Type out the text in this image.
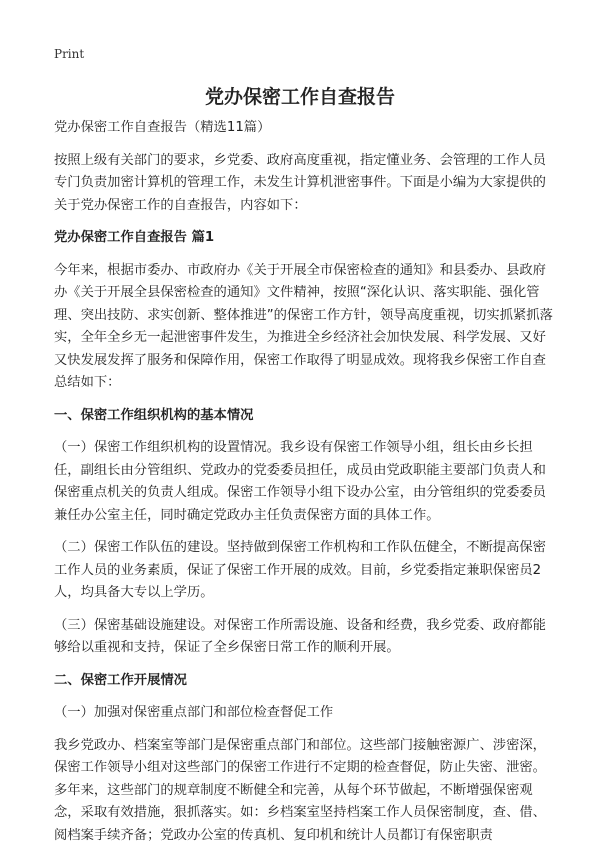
Print
党办保密工作自查报告

党办保密工作自查报告（精选11篇）

按照上级有关部门的要求，乡党委、政府高度重视，指定懂业务、会管理的工作人员专门负责加密计算机的管理工作，未发生计算机泄密事件。下面是小编为大家提供的关于党办保密工作的自查报告，内容如下：

党办保密工作自查报告 篇1

今年来，根据市委办、市政府办《关于开展全市保密检查的通知》和县委办、县政府办《关于开展全县保密检查的通知》文件精神，按照“深化认识、落实职能、强化管理、突出技防、求实创新、整体推进”的保密工作方针，领导高度重视，切实抓紧抓落实，全年全乡无一起泄密事件发生，为推进全乡经济社会加快发展、科学发展、又好又快发展发挥了服务和保障作用，保密工作取得了明显成效。现将我乡保密工作自查总结如下：

一、保密工作组织机构的基本情况

（一）保密工作组织机构的设置情况。我乡设有保密工作领导小组，组长由乡长担任，副组长由分管组织、党政办的党委委员担任，成员由党政职能主要部门负责人和保密重点机关的负责人组成。保密工作领导小组下设办公室，由分管组织的党委委员兼任办公室主任，同时确定党政办主任负责保密方面的具体工作。

（二）保密工作队伍的建设。坚持做到保密工作机构和工作队伍健全，不断提高保密工作人员的业务素质，保证了保密工作开展的成效。目前，乡党委指定兼职保密员2人，均具备大专以上学历。

（三）保密基础设施建设。对保密工作所需设施、设备和经费，我乡党委、政府都能够给以重视和支持，保证了全乡保密日常工作的顺利开展。

二、保密工作开展情况

（一）加强对保密重点部门和部位检查督促工作

我乡党政办、档案室等部门是保密重点部门和部位。这些部门接触密源广、涉密深，保密工作领导小组对这些部门的保密工作进行不定期的检查督促，防止失密、泄密。多年来，这些部门的规章制度不断健全和完善，从每个环节做起，不断增强保密观念，采取有效措施，狠抓落实。如：乡档案室坚持档案工作人员保密制度，查、借、阅档案手续齐备；党政办公室的传真机、复印机和统计人员都订有保密职责
